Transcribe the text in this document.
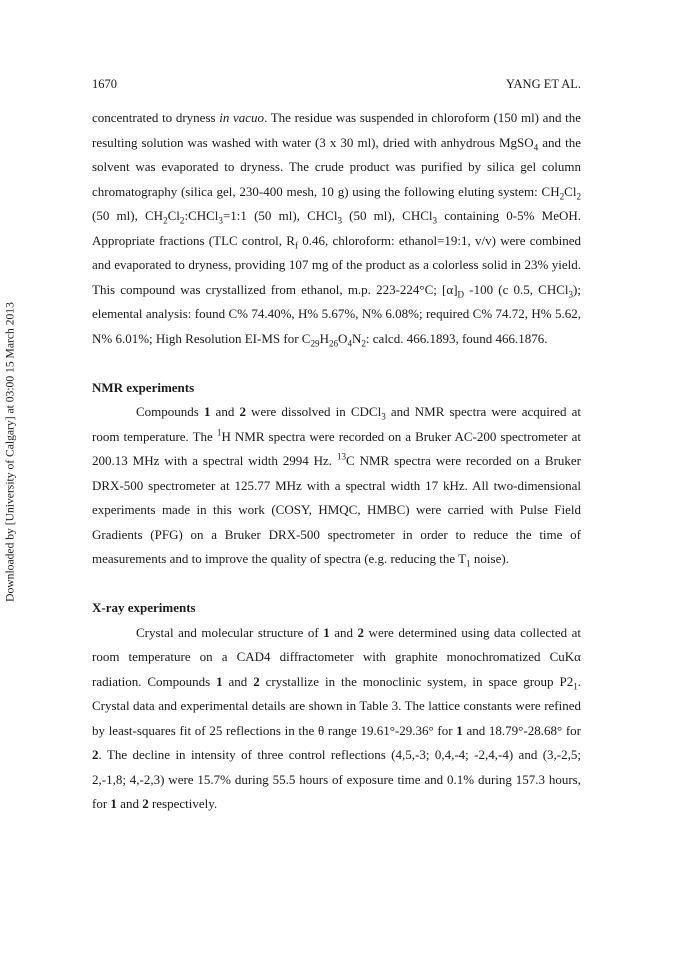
1670	YANG ET AL.
Downloaded by [University of Calgary] at 03:00 15 March 2013

concentrated to dryness in vacuo. The residue was suspended in chloroform (150 ml) and the resulting solution was washed with water (3 x 30 ml), dried with anhydrous MgSO$_4$ and the solvent was evaporated to dryness. The crude product was purified by silica gel column chromatography (silica gel, 230-400 mesh, 10 g) using the following eluting system: $CH_2Cl_2$ (50 ml), $CH_2Cl_2:CHCl_3=1:1$ (50 ml), CHCl$_3$ (50 ml), CHCl$_3$ containing 0-5% MeOH. Appropriate fractions (TLC control, $R_f$ 0.46, chloroform: ethanol=19:1, v/v) were combined and evaporated to dryness, providing 107 mg of the product as a colorless solid in 23% yield. This compound was crystallized from ethanol, m.p. 223-224°C; $[\alpha]_D$ -100 (c 0.5, CHCl$_3$); elemental analysis: found C% 74.40%, H% 5.67%, N% 6.08%; required C% 74.72, H% 5.62, N% 6.01%; High Resolution EI-MS for $C_{29}H_{26}O_4N_2$: calcd. 466.1893, found 466.1876.

NMR experiments

Compounds 1 and 2 were dissolved in CDCl$_3$ and NMR spectra were acquired at room temperature. The $^1$H NMR spectra were recorded on a Bruker AC-200 spectrometer at 200.13 MHz with a spectral width 2994 Hz. $^{13}$C NMR spectra were recorded on a Bruker DRX-500 spectrometer at 125.77 MHz with a spectral width 17 kHz. All two-dimensional experiments made in this work (COSY, HMQC, HMBC) were carried with Pulse Field Gradients (PFG) on a Bruker DRX-500 spectrometer in order to reduce the time of measurements and to improve the quality of spectra (e.g. reducing the $T_1$ noise).

X-ray experiments

Crystal and molecular structure of 1 and 2 were determined using data collected at room temperature on a CAD4 diffractometer with graphite monochromatized CuKα radiation. Compounds 1 and 2 crystallize in the monoclinic system, in space group $P2_1$. Crystal data and experimental details are shown in Table 3. The lattice constants were refined by least-squares fit of 25 reflections in the θ range 19.61°-29.36° for 1 and 18.79°-28.68° for 2. The decline in intensity of three control reflections (4,5,-3; 0,4,-4; -2,4,-4) and (3,-2,5; 2,-1,8; 4,-2,3) were 15.7% during 55.5 hours of exposure time and 0.1% during 157.3 hours, for 1 and 2 respectively.
